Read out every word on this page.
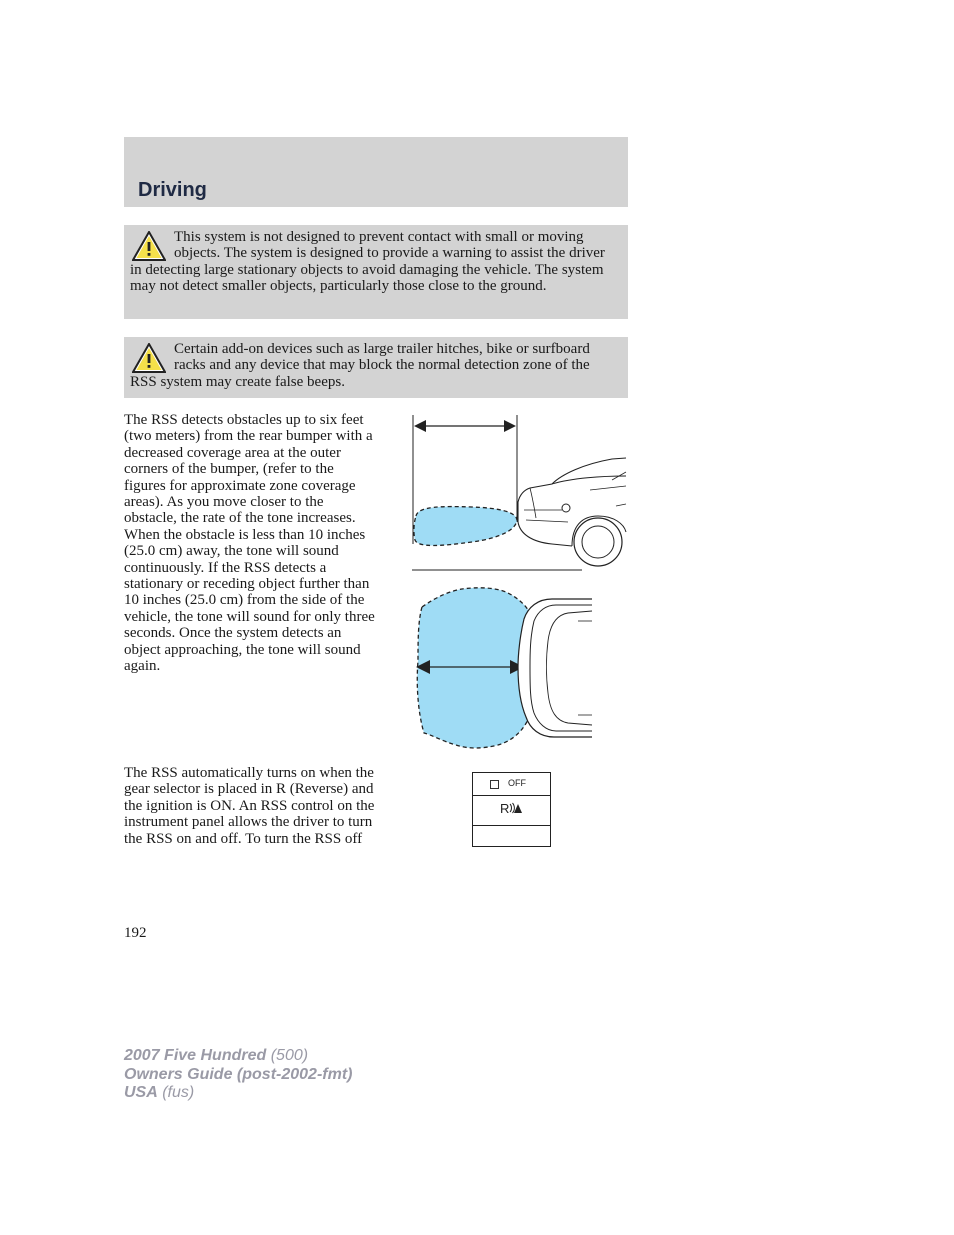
Driving
This system is not designed to prevent contact with small or moving objects. The system is designed to provide a warning to assist the driver in detecting large stationary objects to avoid damaging the vehicle. The system may not detect smaller objects, particularly those close to the ground.
Certain add-on devices such as large trailer hitches, bike or surfboard racks and any device that may block the normal detection zone of the RSS system may create false beeps.

The RSS detects obstacles up to six feet (two meters) from the rear bumper with a decreased coverage area at the outer corners of the bumper, (refer to the figures for approximate zone coverage areas). As you move closer to the obstacle, the rate of the tone increases. When the obstacle is less than 10 inches (25.0 cm) away, the tone will sound continuously. If the RSS detects a stationary or receding object further than 10 inches (25.0 cm) from the side of the vehicle, the tone will sound for only three seconds. Once the system detects an object approaching, the tone will sound again.

The RSS automatically turns on when the gear selector is placed in R (Reverse) and the ignition is ON. An RSS control on the instrument panel allows the driver to turn the RSS on and off. To turn the RSS off

OFF
R
192
2007 Five Hundred (500)
Owners Guide (post-2002-fmt)
USA (fus)
